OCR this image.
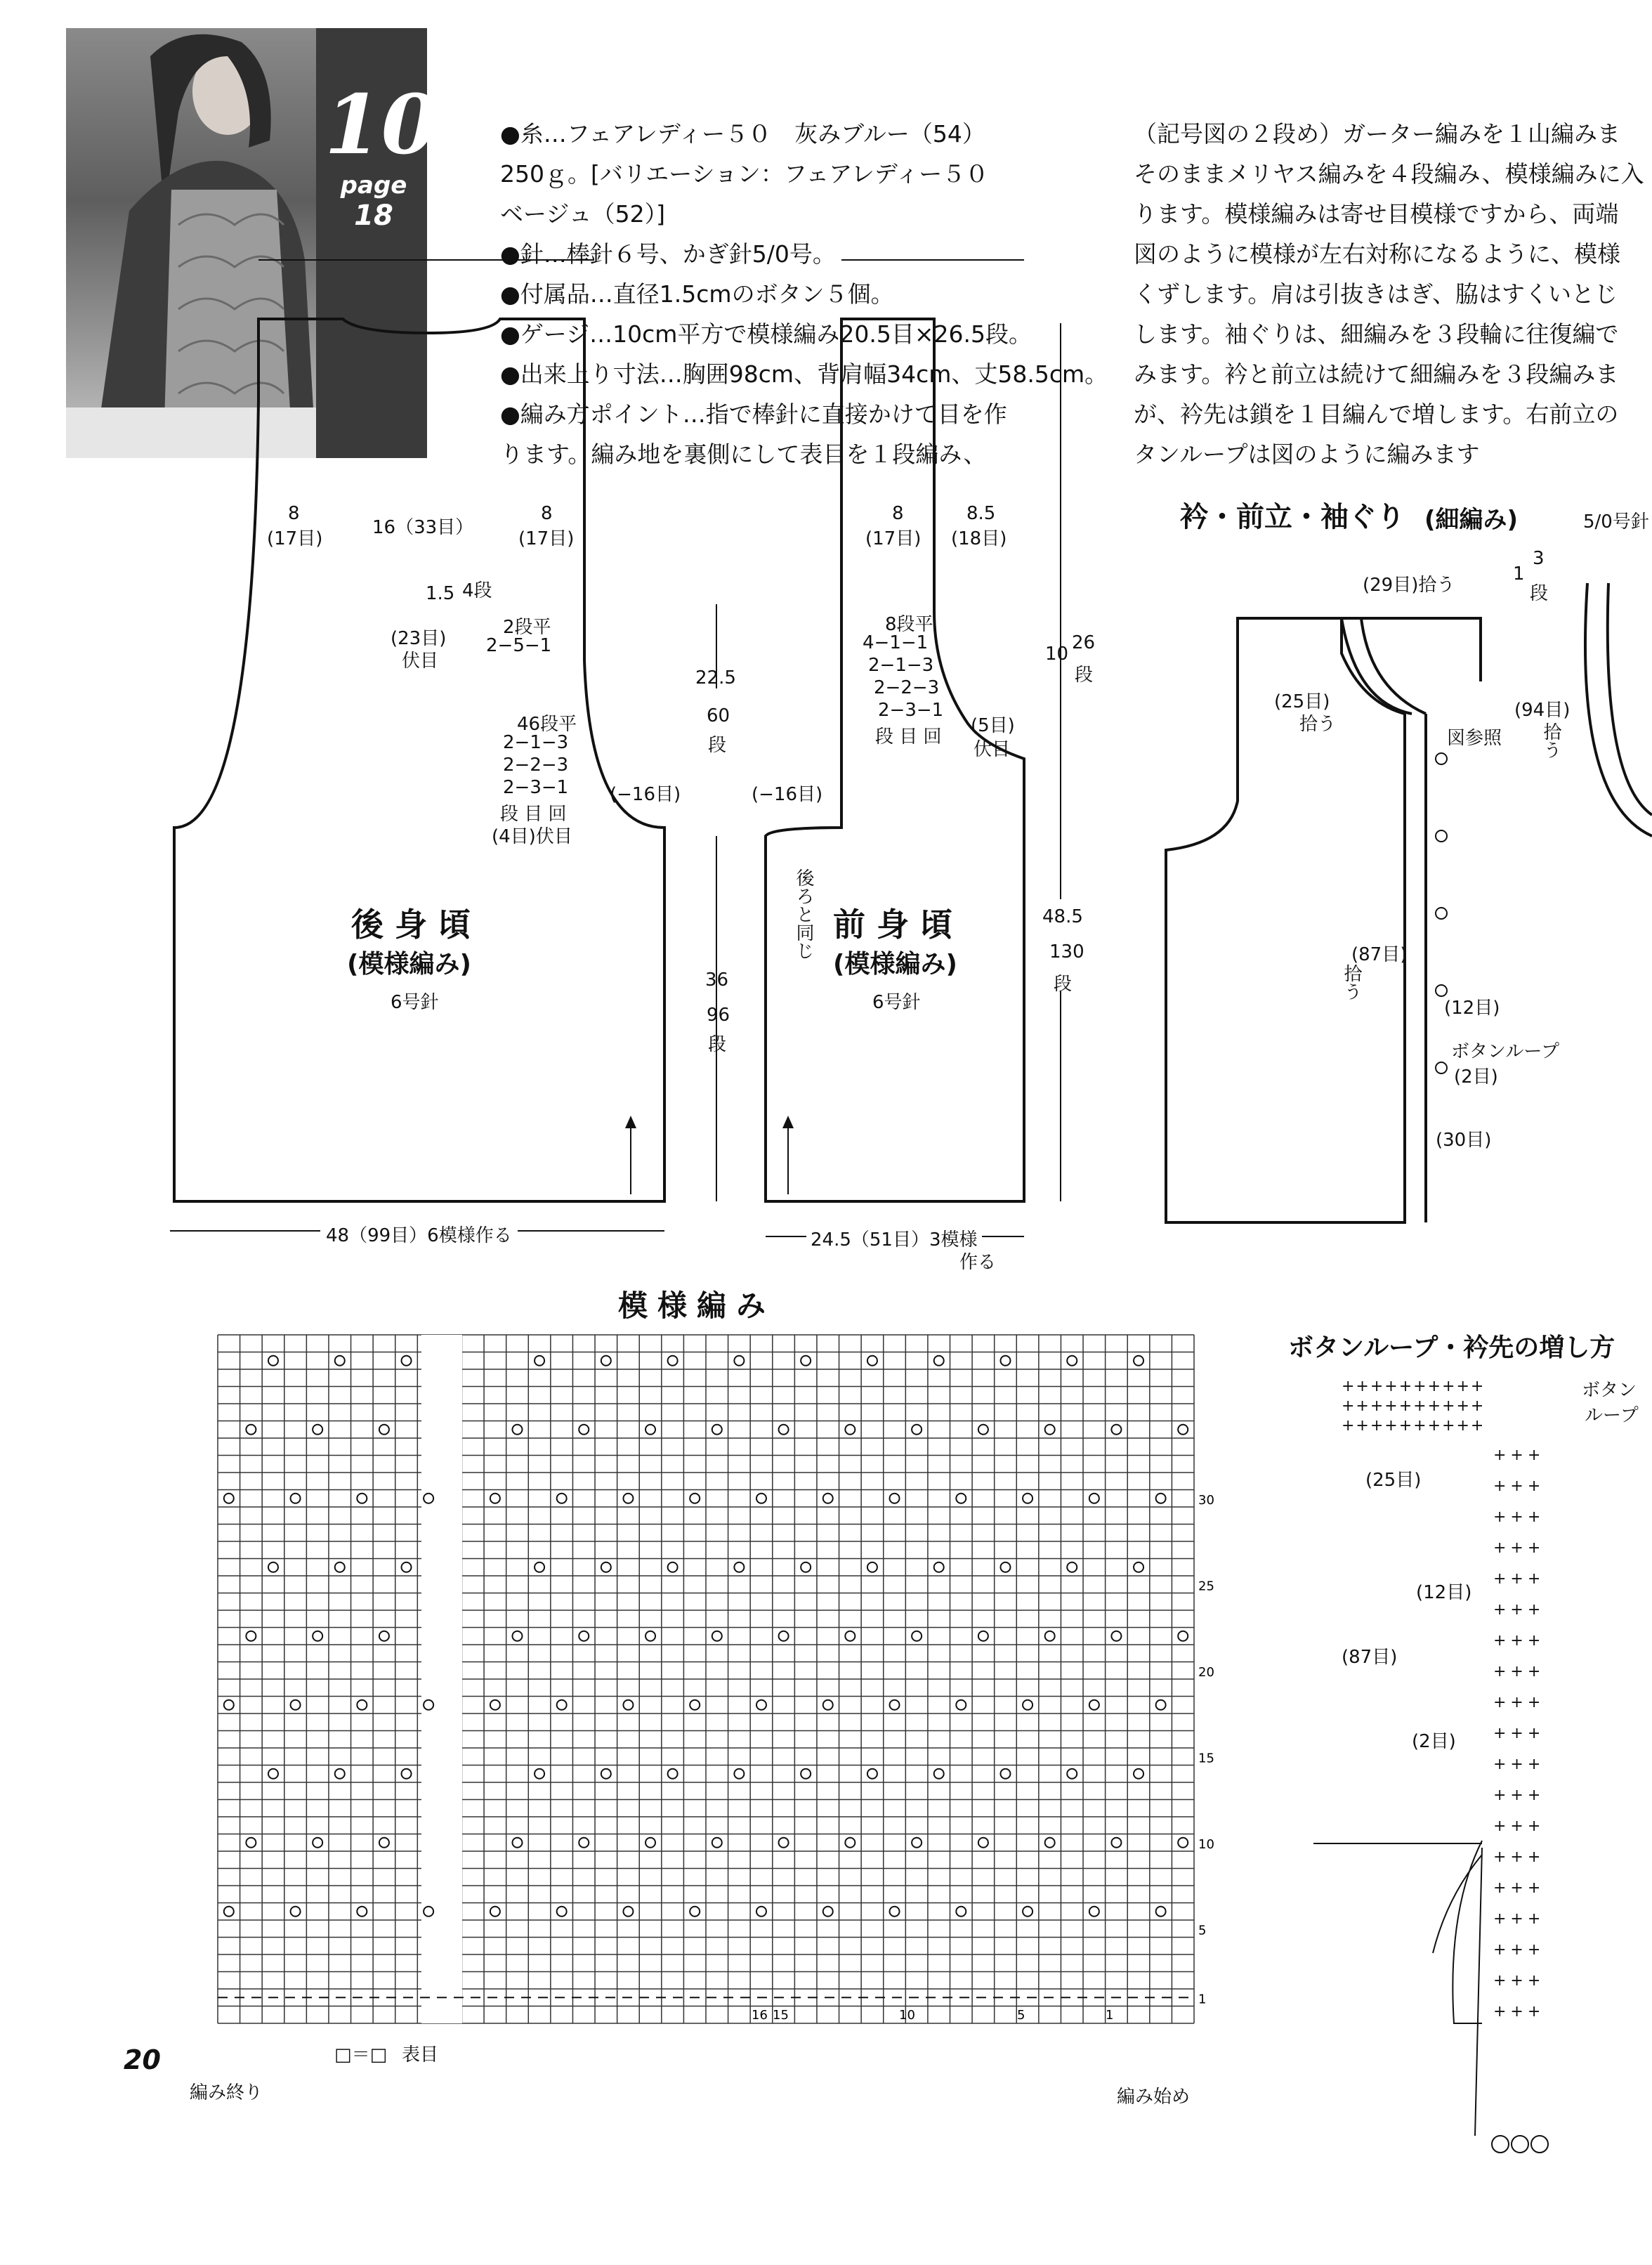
10
page
18
●糸…フェアレディー５０　灰みブルー（54）
250ｇ。[バリエーション：フェアレディー５０
ベージュ（52）]
●針…棒針６号、かぎ針5/0号。
●付属品…直径1.5cmのボタン５個。
●ゲージ…10cm平方で模様編み20.5目×26.5段。
●出来上り寸法…胸囲98cm、背肩幅34cm、丈58.5cm。
●編み方ポイント…指で棒針に直接かけて目を作
ります。編み地を裏側にして表目を１段編み、
（記号図の２段め）ガーター編みを１山編みま
そのままメリヤス編みを４段編み、模様編みに入
ります。模様編みは寄せ目模様ですから、両端
図のように模様が左右対称になるように、模様
くずします。肩は引抜きはぎ、脇はすくいとじ
します。袖ぐりは、細編みを３段輪に往復編で
みます。衿と前立は続けて細編みを３段編みま
が、衿先は鎖を１目編んで増します。右前立の
タンループは図のように編みます
8
(17目)
16（33目）
8
(17目)
1.5 4段
(23目)
伏目
2段平
2−5−1
46段平
2−1−3
2−2−3
2−3−1
段 目 回
(4目)伏目
(−16目)
後 身 頃
(模様編み)
6号針
48（99目）6模様作る
8
(17目)
8.5
(18目)
8段平
4−1−1
2−1−3
2−2−3
2−3−1
段 目 回
(5目)
伏目
(−16目)
後ろと同じ 前 身 頃
(模様編み)
6号針
24.5（51目）3模様
作る
22.5
60
段
36
96
段
10
26
段
48.5
130
段
衿・前立・袖ぐり (細編み)	5/0号針
(29目)拾う
1
3
段
(25目)
拾う
(94目)
拾う
図参照
(87目)
拾う
(12目)
ボタンループ
(2目)
(30目)
ボタンループ・衿先の増し方
++++++++++
++++++++++
++++++++++
+++
+++
+++
+++
+++
+++
+++
+++
+++
+++
+++
+++
+++
+++
+++
+++
+++
+++
+++
ボタン
ループ
(25目)
(12目)
(87目)
(2目)
模様編み
30
25
20
15
10
5
1
16 15	10	5	1
編み終り	編み始め
□＝□ 表目
20
